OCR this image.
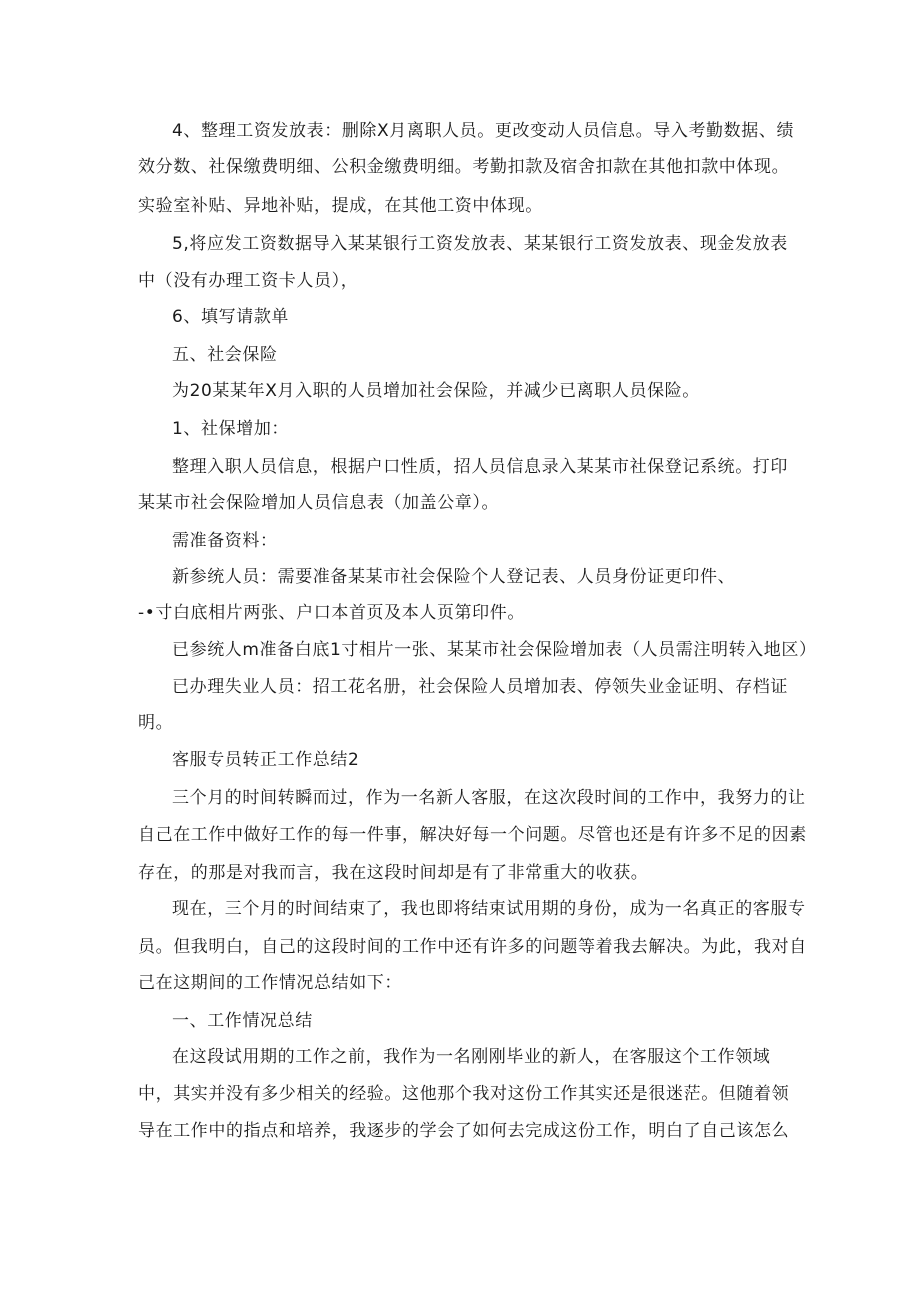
4、整理工资发放表：删除X月离职人员。更改变动人员信息。导入考勤数据、绩

效分数、社保缴费明细、公积金缴费明细。考勤扣款及宿舍扣款在其他扣款中体现。

实验室补贴、异地补贴，提成，在其他工资中体现。

5,将应发工资数据导入某某银行工资发放表、某某银行工资发放表、现金发放表

中（没有办理工资卡人员），

6、填写请款单

五、社会保险

为20某某年X月入职的人员增加社会保险，并减少已离职人员保险。

1、社保增加：

整理入职人员信息，根据户口性质，招人员信息录入某某市社保登记系统。打印

某某市社会保险增加人员信息表（加盖公章）。

需准备资料：

新参统人员：需要准备某某市社会保险个人登记表、人员身份证更印件、

-•寸白底相片两张、户口本首页及本人页第印件。

已参统人m准备白底1寸相片一张、某某市社会保险增加表（人员需注明转入地区）

已办理失业人员：招工花名册，社会保险人员增加表、停领失业金证明、存档证

明。

客服专员转正工作总结2

三个月的时间转瞬而过，作为一名新人客服，在这次段时间的工作中，我努力的让

自己在工作中做好工作的每一件事，解决好每一个问题。尽管也还是有许多不足的因素

存在，的那是对我而言，我在这段时间却是有了非常重大的收获。

现在，三个月的时间结束了，我也即将结束试用期的身份，成为一名真正的客服专

员。但我明白，自己的这段时间的工作中还有许多的问题等着我去解决。为此，我对自

己在这期间的工作情况总结如下：

一、工作情况总结

在这段试用期的工作之前，我作为一名刚刚毕业的新人，在客服这个工作领域

中，其实并没有多少相关的经验。这他那个我对这份工作其实还是很迷茫。但随着领

导在工作中的指点和培养，我逐步的学会了如何去完成这份工作，明白了自己该怎么
